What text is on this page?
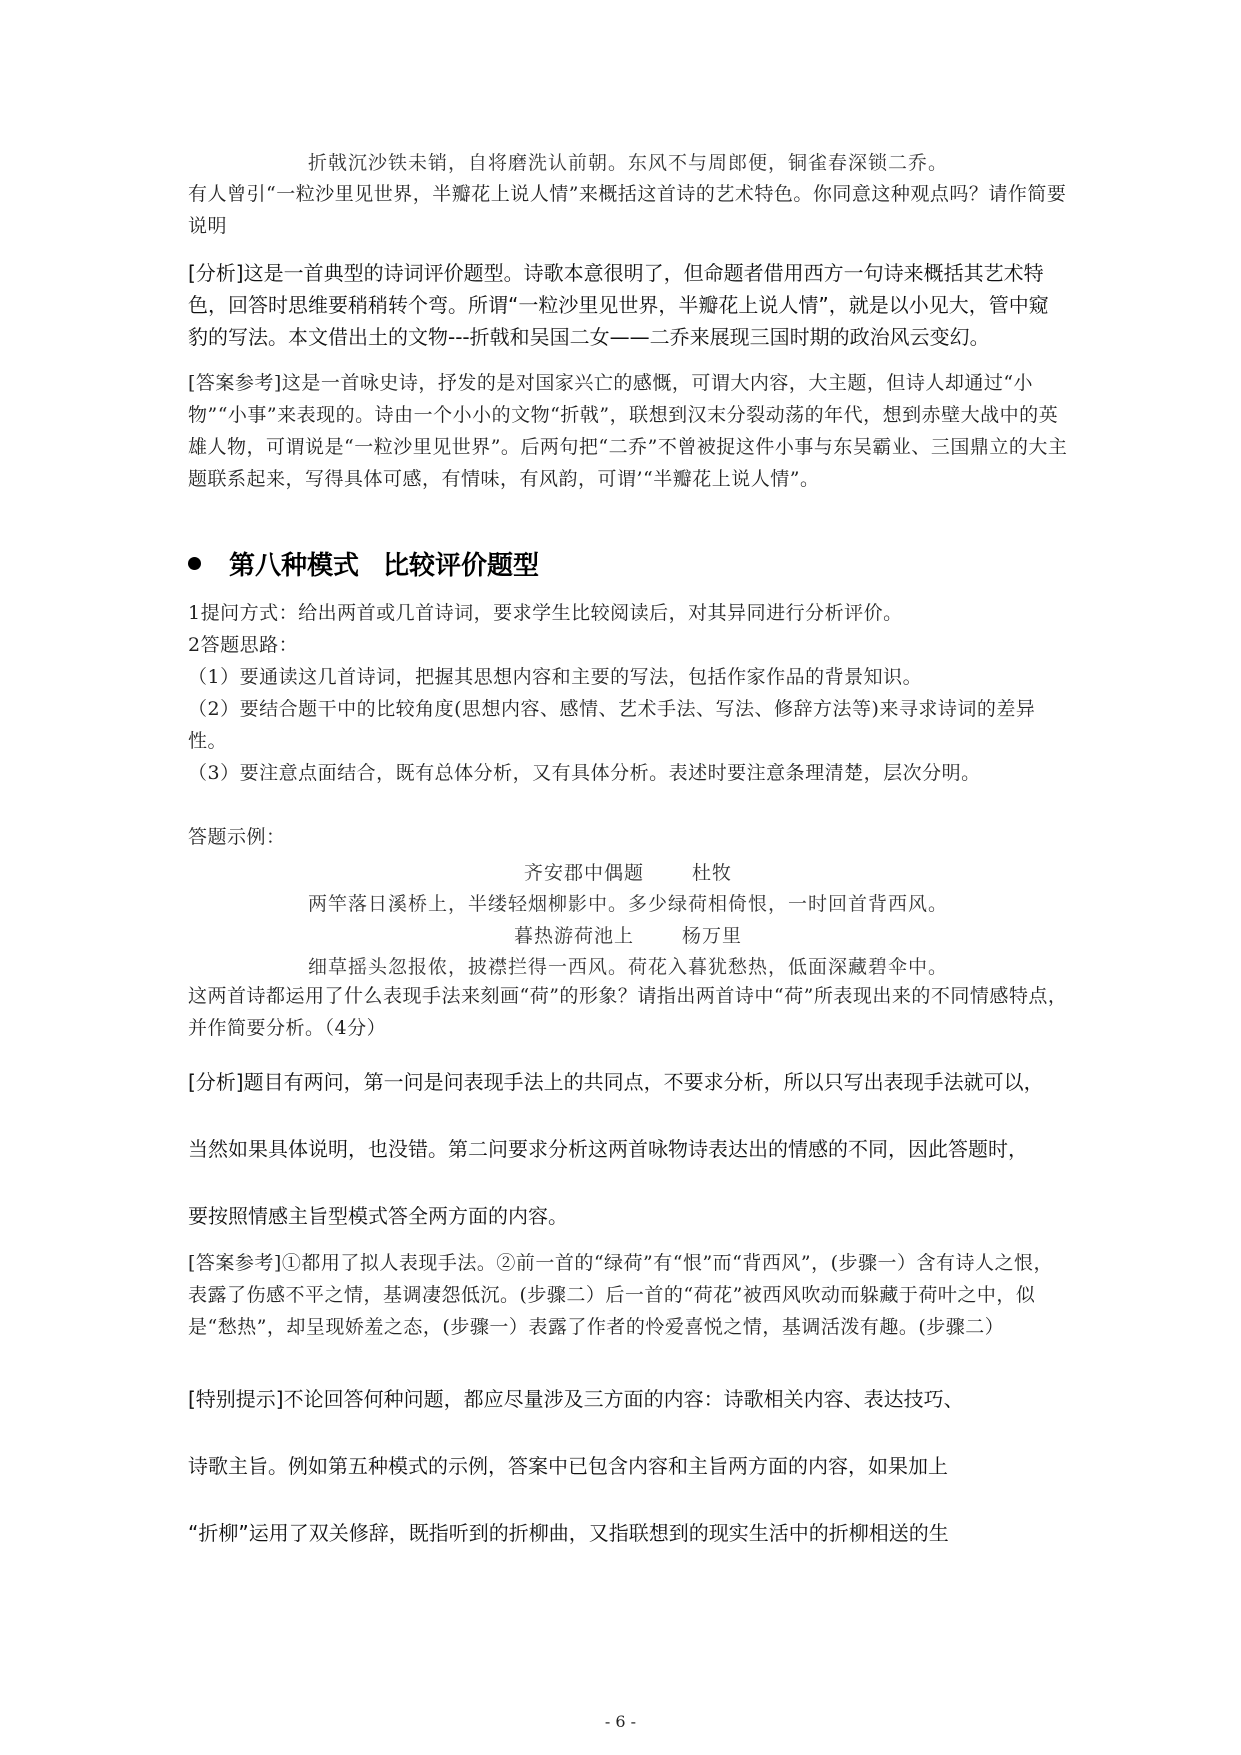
折戟沉沙铁未销，自将磨洗认前朝。东风不与周郎便，铜雀春深锁二乔。

有人曾引“一粒沙里见世界，半瓣花上说人情”来概括这首诗的艺术特色。你同意这种观点吗？请作简要说明

[分析]这是一首典型的诗词评价题型。诗歌本意很明了，但命题者借用西方一句诗来概括其艺术特色，回答时思维要稍稍转个弯。所谓“一粒沙里见世界，半瓣花上说人情”，就是以小见大，管中窥豹的写法。本文借出土的文物---折戟和吴国二女——二乔来展现三国时期的政治风云变幻。

[答案参考]这是一首咏史诗，抒发的是对国家兴亡的感慨，可谓大内容，大主题，但诗人却通过“小物”“小事”来表现的。诗由一个小小的文物“折戟”，联想到汉末分裂动荡的年代，想到赤壁大战中的英雄人物，可谓说是“一粒沙里见世界”。后两句把“二乔”不曾被捉这件小事与东吴霸业、三国鼎立的大主题联系起来，写得具体可感，有情味，有风韵，可谓’“半瓣花上说人情”。

第八种模式 比较评价题型

1提问方式：给出两首或几首诗词，要求学生比较阅读后，对其异同进行分析评价。

2答题思路：

（1）要通读这几首诗词，把握其思想内容和主要的写法，包括作家作品的背景知识。

（2）要结合题干中的比较角度(思想内容、感情、艺术手法、写法、修辞方法等)来寻求诗词的差异性。

（3）要注意点面结合，既有总体分析，又有具体分析。表述时要注意条理清楚，层次分明。

答题示例：

齐安郡中偶题	杜牧
两竿落日溪桥上，半缕轻烟柳影中。多少绿荷相倚恨，一时回首背西风。
暮热游荷池上	杨万里
细草摇头忽报侬，披襟拦得一西风。荷花入暮犹愁热，低面深藏碧伞中。

这两首诗都运用了什么表现手法来刻画“荷”的形象？请指出两首诗中“荷”所表现出来的不同情感特点，并作简要分析。（4分）

[分析]题目有两问，第一问是问表现手法上的共同点，不要求分析，所以只写出表现手法就可以，
当然如果具体说明，也没错。第二问要求分析这两首咏物诗表达出的情感的不同，因此答题时，
要按照情感主旨型模式答全两方面的内容。

[答案参考]①都用了拟人表现手法。②前一首的“绿荷”有“恨”而“背西风”，(步骤一）含有诗人之恨，表露了伤感不平之情，基调凄怨低沉。(步骤二）后一首的“荷花”被西风吹动而躲藏于荷叶之中，似是“愁热”，却呈现娇羞之态，(步骤一）表露了作者的怜爱喜悦之情，基调活泼有趣。(步骤二）

[特别提示]不论回答何种问题，都应尽量涉及三方面的内容：诗歌相关内容、表达技巧、
诗歌主旨。例如第五种模式的示例，答案中已包含内容和主旨两方面的内容，如果加上
“折柳”运用了双关修辞，既指听到的折柳曲，又指联想到的现实生活中的折柳相送的生
- 6 -
